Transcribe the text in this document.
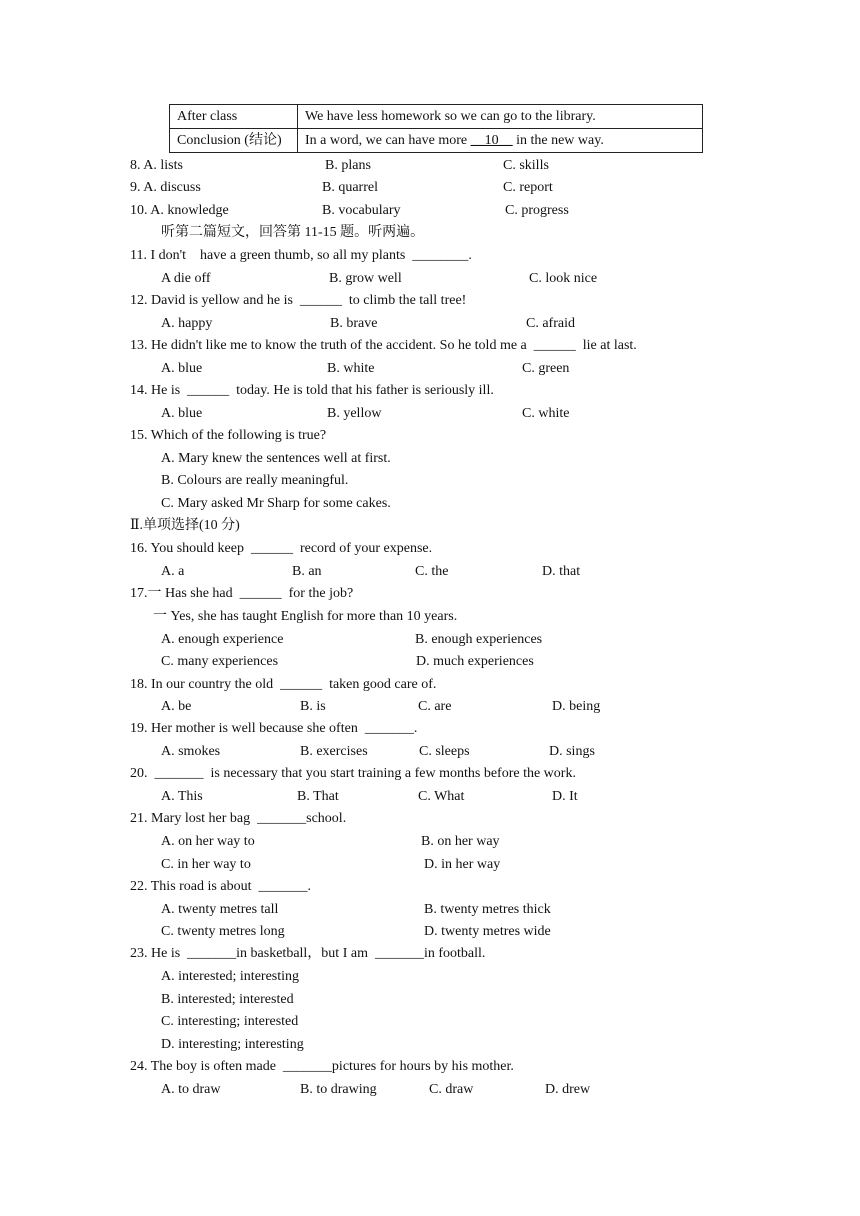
After class	We have less homework so we can go to the library.
Conclusion (结论)	In a word, we can have more __10__ in the new way.
8. A. lists	B. plans	C. skills
9. A. discuss	B. quarrel	C. report
10. A. knowledge	B. vocabulary	C. progress
听第二篇短文，回答第 11-15 题。听两遍。
11. I don't    have a green thumb, so all my plants  ________.
A die off	B. grow well	C. look nice
12. David is yellow and he is  ______  to climb the tall tree!
A. happy	B. brave	C. afraid
13. He didn't like me to know the truth of the accident. So he told me a  ______  lie at last.
A. blue	B. white	C. green
14. He is  ______  today. He is told that his father is seriously ill.
A. blue	B. yellow	C. white
15. Which of the following is true?
A. Mary knew the sentences well at first.
B. Colours are really meaningful.
C. Mary asked Mr Sharp for some cakes.
Ⅱ.单项选择(10 分)
16. You should keep  ______  record of your expense.
A. a	B. an	C. the	D. that
17.一 Has she had  ______  for the job?
一 Yes, she has taught English for more than 10 years.
A. enough experience	B. enough experiences
C. many experiences	D. much experiences
18. In our country the old  ______  taken good care of.
A. be	B. is	C. are	D. being
19. Her mother is well because she often  _______.
A. smokes	B. exercises	C. sleeps	D. sings
20.  _______  is necessary that you start training a few months before the work.
A. This	B. That	C. What	D. It
21. Mary lost her bag  _______school.
A. on her way to	B. on her way
C. in her way to	D. in her way
22. This road is about  _______.
A. twenty metres tall	B. twenty metres thick
C. twenty metres long	D. twenty metres wide
23. He is  _______in basketball，but I am  _______in football.
A. interested; interesting
B. interested; interested
C. interesting; interested
D. interesting; interesting
24. The boy is often made  _______pictures for hours by his mother.
A. to draw	B. to drawing	C. draw	D. drew
